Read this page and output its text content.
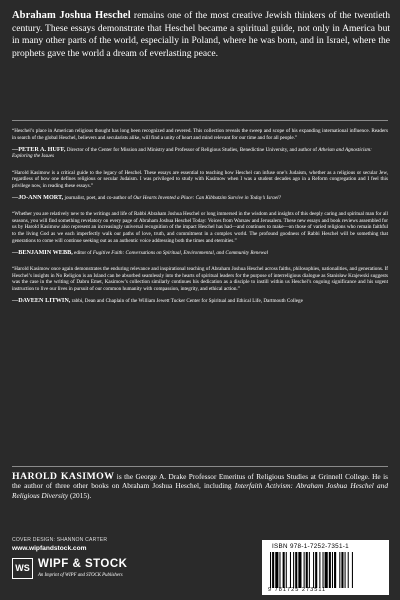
Abraham Joshua Heschel remains one of the most creative Jewish thinkers of the twentieth century. These essays demonstrate that Heschel became a spiritual guide, not only in America but in many other parts of the world, especially in Poland, where he was born, and in Israel, where the prophets gave the world a dream of everlasting peace.

“Heschel’s place in American religious thought has long been recognized and revered. This collection reveals the sweep and scope of his expanding international influence. Readers in search of the global Heschel, believers and secularists alike, will find a unity of heart and mind relevant for our time and for all people.”

—PETER A. HUFF, Director of the Center for Mission and Ministry and Professor of Religious Studies, Benedictine University, and author of Atheism and Agnosticism: Exploring the Issues

“Harold Kasimow is a critical guide to the legacy of Heschel. These essays are essential to teaching how Heschel can infuse one’s Judaism, whether as a religious or secular Jew, regardless of how one defines religious or secular Judaism. I was privileged to study with Kasimow when I was a student decades ago in a Reform congregation and I feel this privilege now, in reading these essays.”

—JO-ANN MORT, journalist, poet, and co-author of Our Hearts Invented a Place: Can Kibbutzim Survive in Today’s Israel?

“Whether you are relatively new to the writings and life of Rabbi Abraham Joshua Heschel or long immersed in the wisdom and insights of this deeply caring and spiritual man for all seasons, you will find something revelatory on every page of Abraham Joshua Heschel Today: Voices from Warsaw and Jerusalem. These new essays and book reviews assembled for us by Harold Kasimow also represent an increasingly universal recognition of the impact Heschel has had—and continues to make—on those of varied religions who remain faithful to the living God as we each imperfectly walk our paths of love, truth, and commitment in a complex world. The profound goodness of Rabbi Heschel will be something that generations to come will continue seeking out as an authentic voice addressing both the times and eternities.”

—BENJAMIN WEBB, editor of Fugitive Faith: Conversations on Spiritual, Environmental, and Community Renewal

“Harold Kasimow once again demonstrates the enduring relevance and inspirational teaching of Abraham Joshua Heschel across faiths, philosophies, nationalities, and generations. If Heschel’s insights in No Religion is an Island can be absorbed seamlessly into the hearts of spiritual leaders for the purpose of interreligious dialogue as Stanisław Krajewski suggests was the case in the writing of Dabru Emet, Kasimow’s collection similarly continues his dedication as a disciple to instill within us Heschel’s ongoing significance and his urgent instruction to live our lives in pursuit of our common humanity with compassion, integrity, and ethical action.”

—DAVEEN LITWIN, rabbi, Dean and Chaplain of the William Jewett Tucker Center for Spiritual and Ethical Life, Dartmouth College

HAROLD KASIMOW is the George A. Drake Professor Emeritus of Religious Studies at Grinnell College. He is the author of three other books on Abraham Joshua Heschel, including Interfaith Activism: Abraham Joshua Heschel and Religious Diversity (2015).

COVER DESIGN: SHANNON CARTER
www.wipfandstock.com
WS WIPF & STOCK
An Imprint of WIPF and STOCK Publishers
ISBN 978-1-7252-7351-1
9 781725 273511
